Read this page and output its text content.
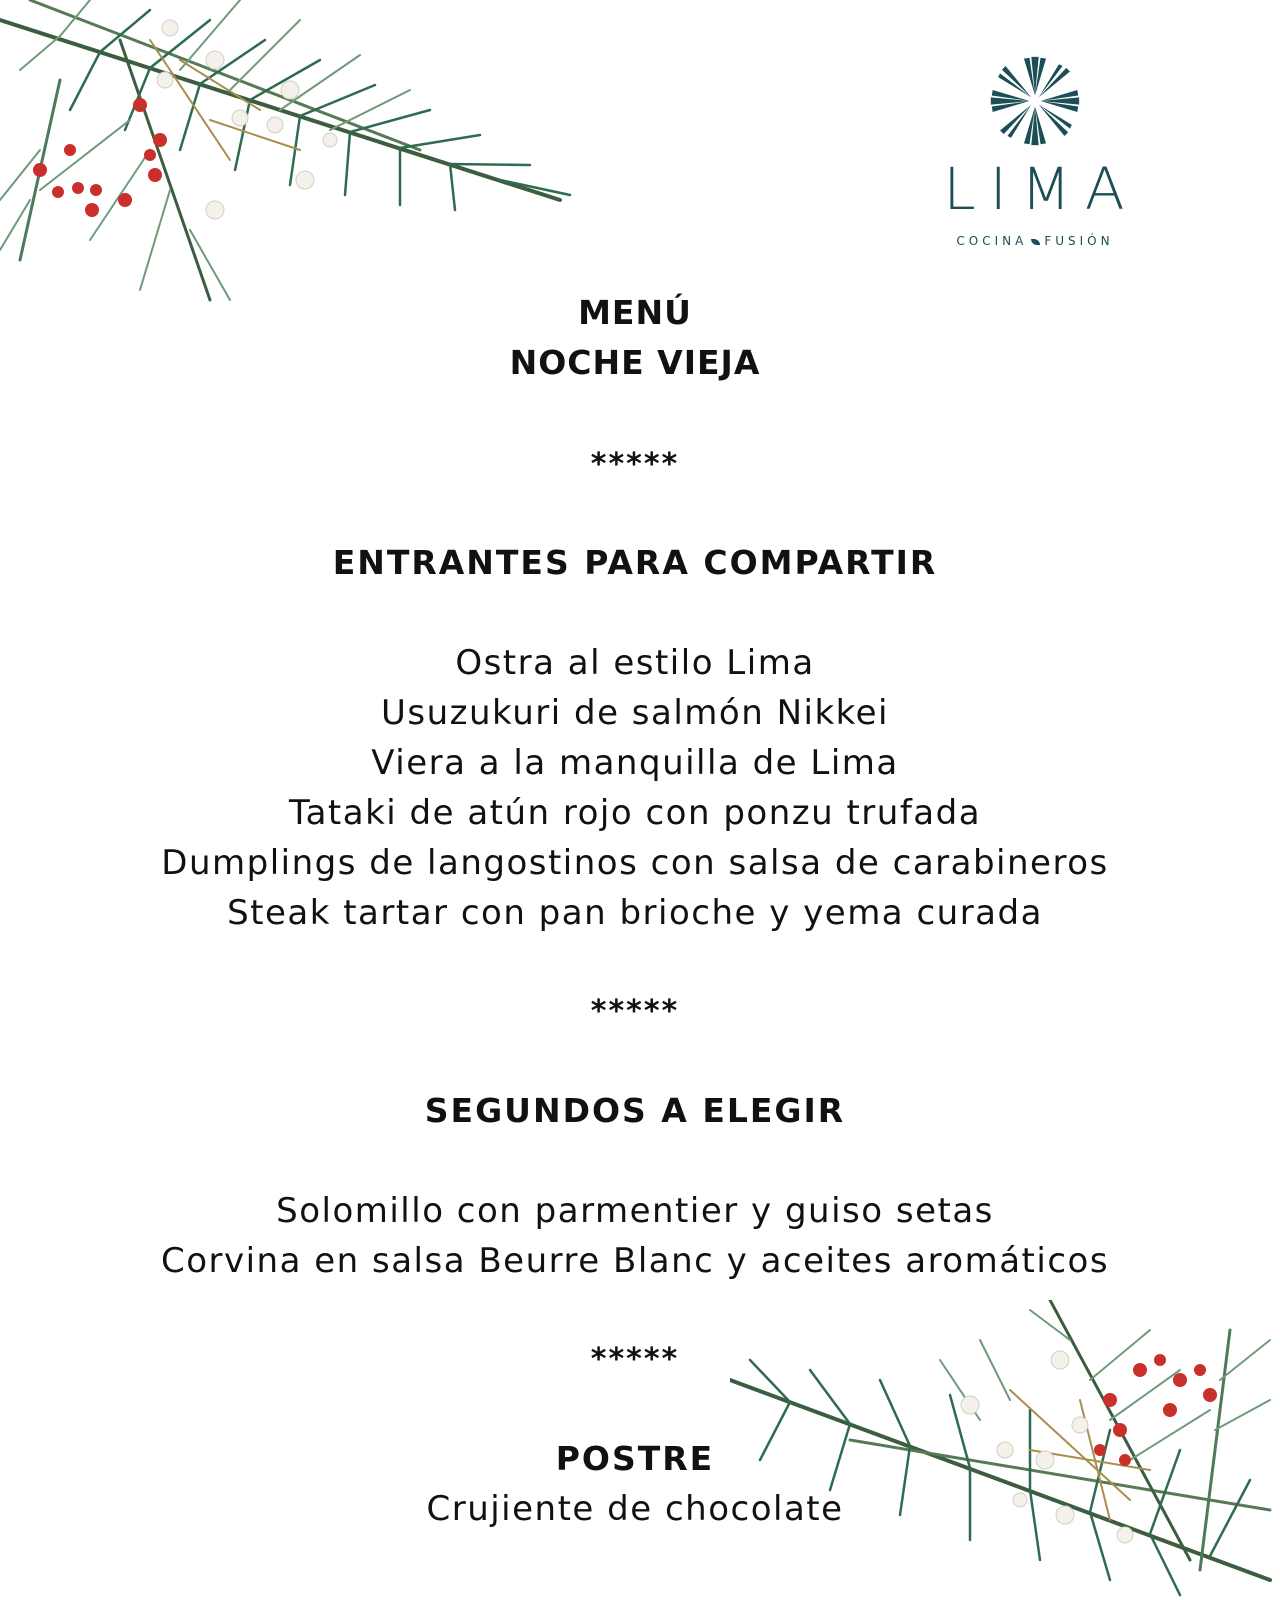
LIMA
COCINA FUSIÓN
MENÚ
NOCHE VIEJA
*****
ENTRANTES PARA COMPARTIR
Ostra al estilo Lima
Usuzukuri de salmón Nikkei
Viera a la manquilla de Lima
Tataki de atún rojo con ponzu trufada
Dumplings de langostinos con salsa de carabineros
Steak tartar con pan brioche y yema curada
*****
SEGUNDOS A ELEGIR
Solomillo con parmentier y guiso setas
Corvina en salsa Beurre Blanc y aceites aromáticos
*****
POSTRE
Crujiente de chocolate
